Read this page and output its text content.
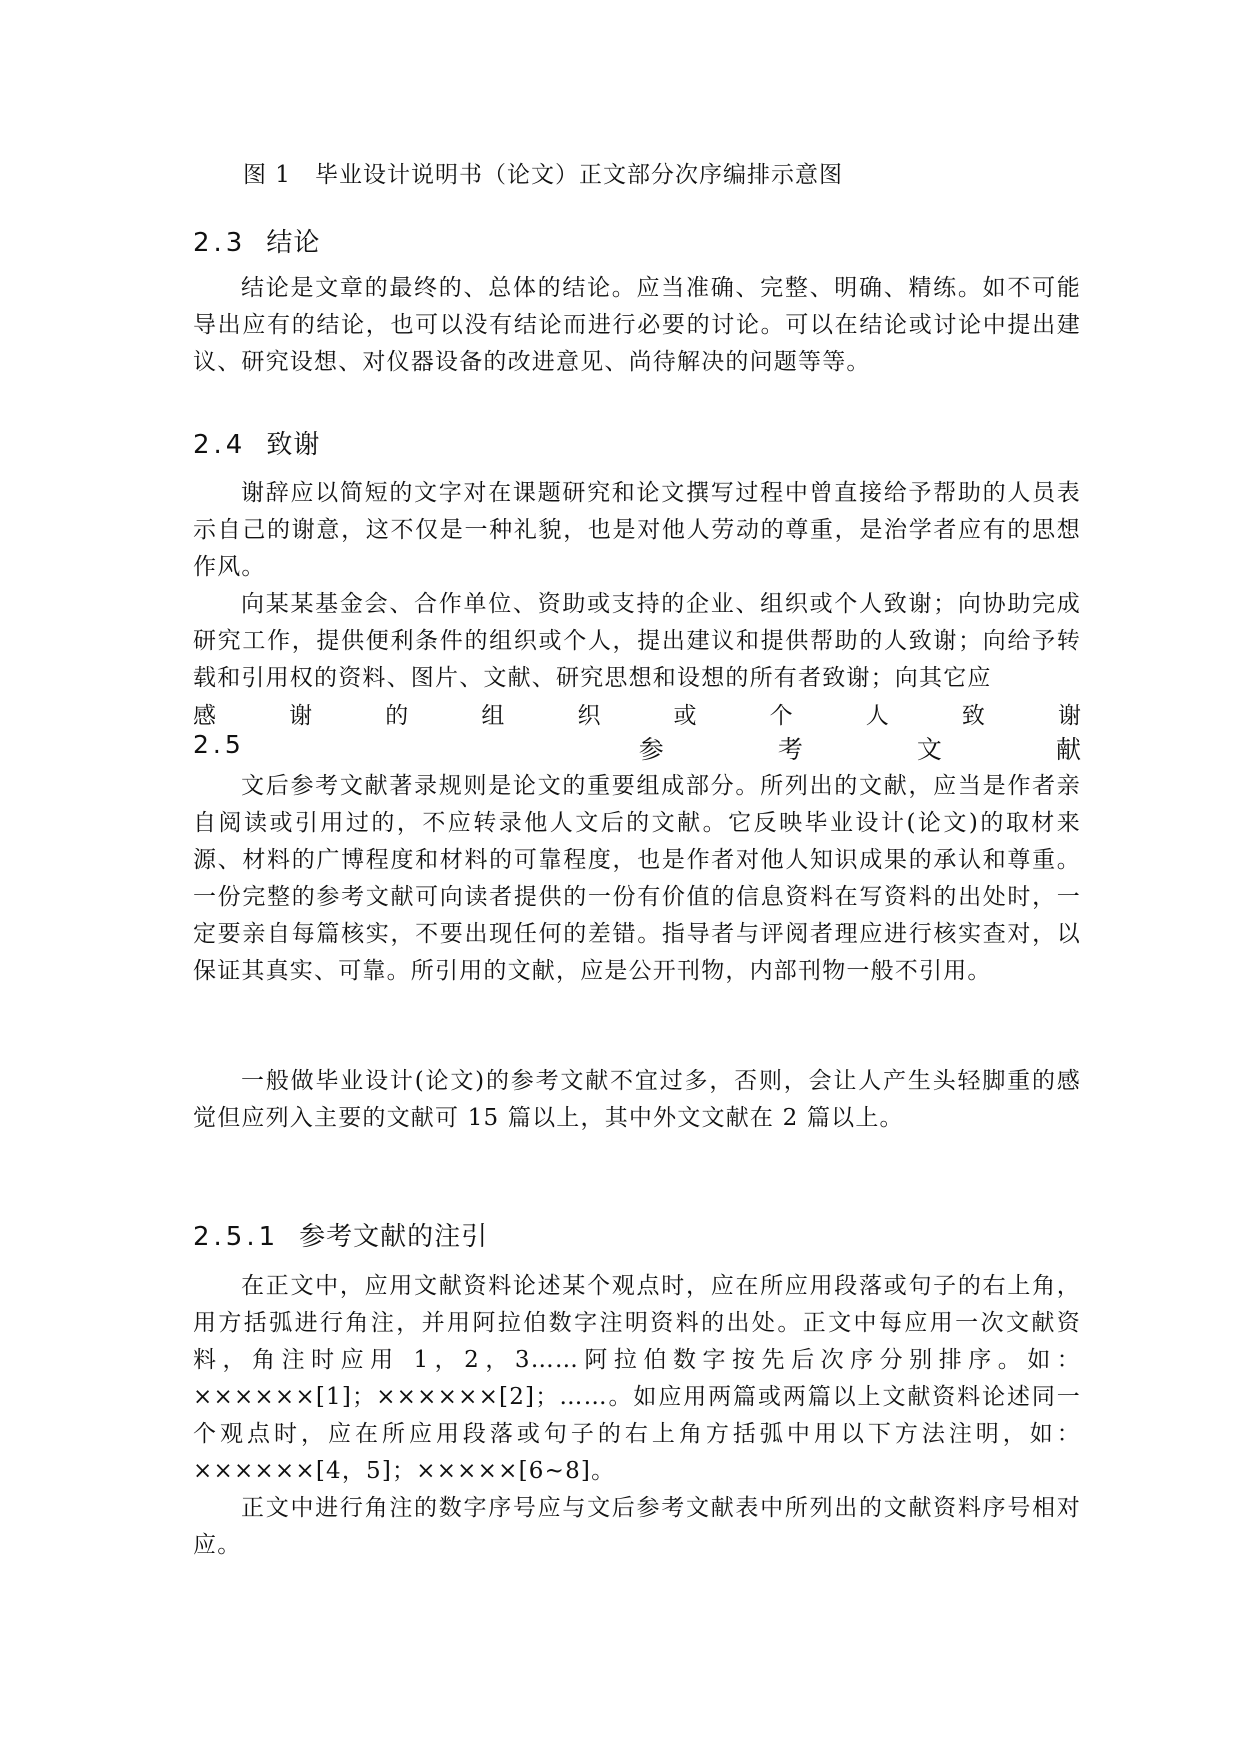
图 1　毕业设计说明书（论文）正文部分次序编排示意图
2.3 结论
结论是文章的最终的、总体的结论。应当准确、完整、明确、精练。如不可能导出应有的结论，也可以没有结论而进行必要的讨论。可以在结论或讨论中提出建议、研究设想、对仪器设备的改进意见、尚待解决的问题等等。
2.4 致谢
谢辞应以简短的文字对在课题研究和论文撰写过程中曾直接给予帮助的人员表示自己的谢意，这不仅是一种礼貌，也是对他人劳动的尊重，是治学者应有的思想作风。
向某某基金会、合作单位、资助或支持的企业、组织或个人致谢；向协助完成研究工作，提供便利条件的组织或个人，提出建议和提供帮助的人致谢；向给予转载和引用权的资料、图片、文献、研究思想和设想的所有者致谢；向其它应
感	谢	的	组	织	或	个	人	致	谢
2.5	参	考	文	献
文后参考文献著录规则是论文的重要组成部分。所列出的文献，应当是作者亲自阅读或引用过的，不应转录他人文后的文献。它反映毕业设计(论文)的取材来源、材料的广博程度和材料的可靠程度，也是作者对他人知识成果的承认和尊重。一份完整的参考文献可向读者提供的一份有价值的信息资料在写资料的出处时，一定要亲自每篇核实，不要出现任何的差错。指导者与评阅者理应进行核实查对，以保证其真实、可靠。所引用的文献，应是公开刊物，内部刊物一般不引用。
一般做毕业设计(论文)的参考文献不宜过多，否则，会让人产生头轻脚重的感觉但应列入主要的文献可 15 篇以上，其中外文文献在 2 篇以上。
2.5.1 参考文献的注引
在正文中，应用文献资料论述某个观点时，应在所应用段落或句子的右上角，用方括弧进行角注，并用阿拉伯数字注明资料的出处。正文中每应用一次文献资料，角注时应用 1，2，3……阿拉伯数字按先后次序分别排序。如：××××××[1]；××××××[2]；……。如应用两篇或两篇以上文献资料论述同一个观点时，应在所应用段落或句子的右上角方括弧中用以下方法注明，如：××××××[4，5]；×××××[6~8]。
正文中进行角注的数字序号应与文后参考文献表中所列出的文献资料序号相对应。
